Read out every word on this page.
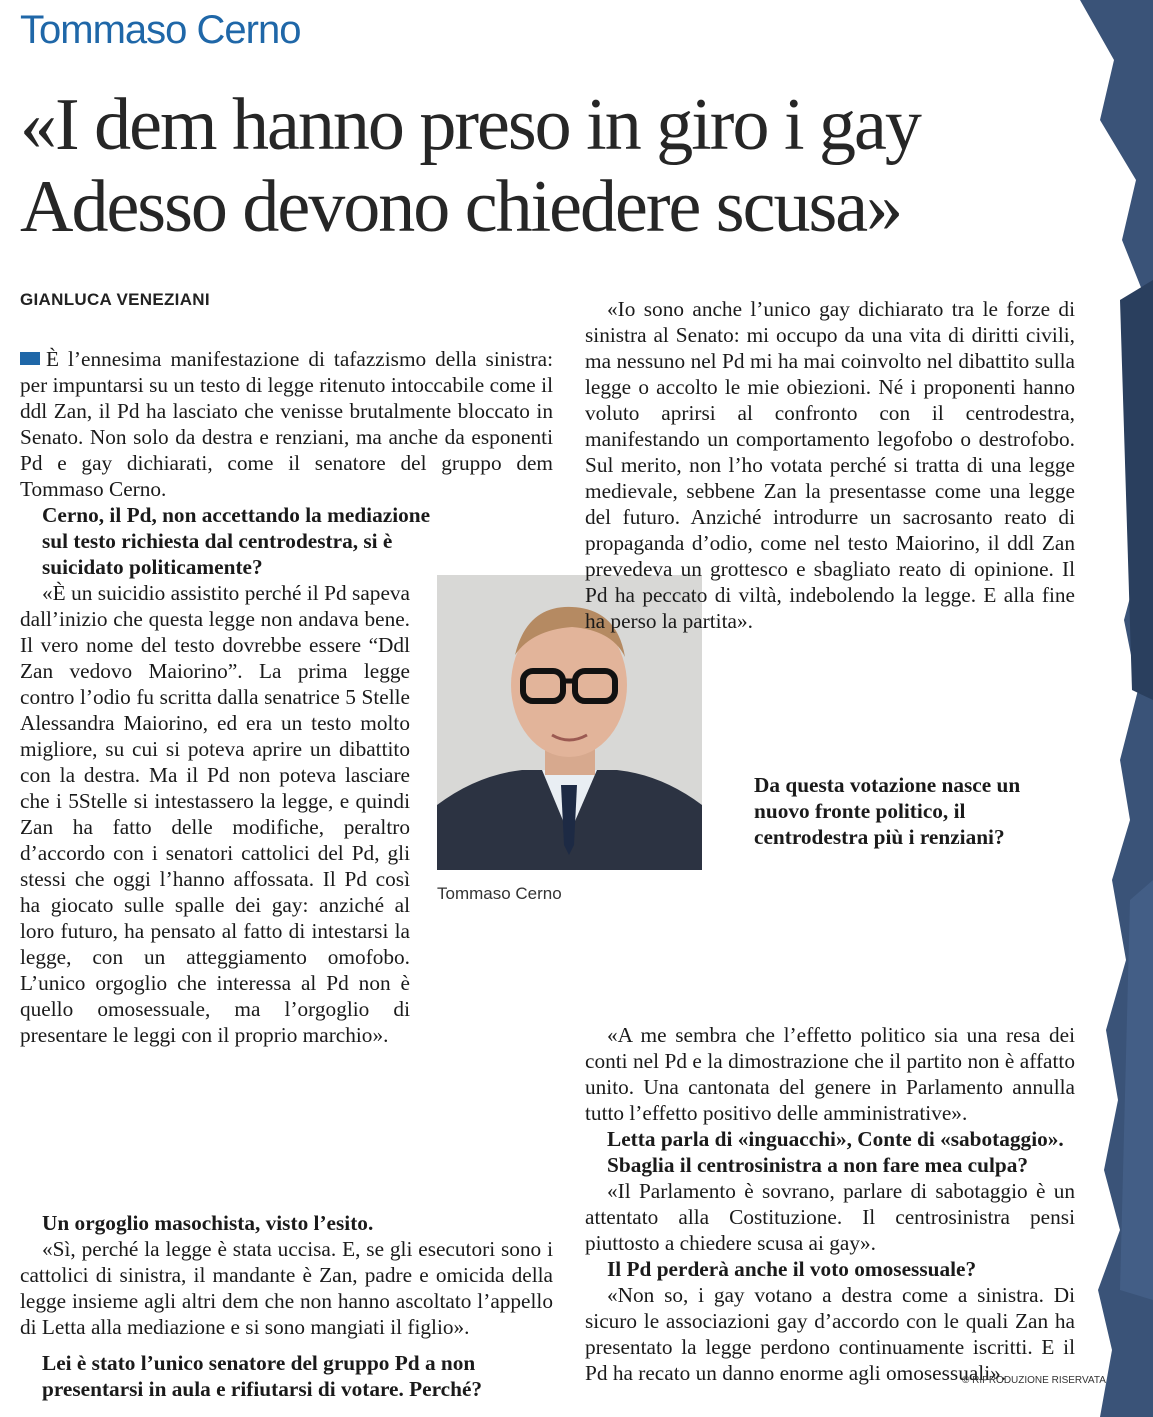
Tommaso Cerno
«I dem hanno preso in giro i gay
Adesso devono chiedere scusa»
GIANLUCA VENEZIANI

È l’ennesima manifestazione di tafazzismo della sinistra: per impuntarsi su un testo di legge ritenuto intoccabile come il ddl Zan, il Pd ha lasciato che venisse brutalmente bloccato in Senato. Non solo da destra e renziani, ma anche da esponenti Pd e gay dichiarati, come il senatore del gruppo dem Tommaso Cerno.

Cerno, il Pd, non accettando la mediazione sul testo richiesta dal centrodestra, si è suicidato politicamente?

«È un suicidio assistito perché il Pd sapeva dall’inizio che questa legge non andava bene. Il vero nome del testo dovrebbe essere “Ddl Zan vedovo Maiorino”. La prima legge contro l’odio fu scritta dalla senatrice 5 Stelle Alessandra Maiorino, ed era un testo molto migliore, su cui si poteva aprire un dibattito con la destra. Ma il Pd non poteva lasciare che i 5Stelle si intestassero la legge, e quindi Zan ha fatto delle modifiche, peraltro d’accordo con i senatori cattolici del Pd, gli stessi che oggi l’hanno affossata. Il Pd così ha giocato sulle spalle dei gay: anziché al loro futuro, ha pensato al fatto di intestarsi la legge, con un atteggiamento omofobo. L’unico orgoglio che interessa al Pd non è quello omosessuale, ma l’orgoglio di presentare le leggi con il proprio marchio».

Tommaso Cerno
Un orgoglio masochista, visto l’esito.

«Sì, perché la legge è stata uccisa. E, se gli esecutori sono i cattolici di sinistra, il mandante è Zan, padre e omicida della legge insieme agli altri dem che non hanno ascoltato l’appello di Letta alla mediazione e si sono mangiati il figlio».

Lei è stato l’unico senatore del gruppo Pd a non presentarsi in aula e rifiutarsi di votare. Perché?

«Io sono anche l’unico gay dichiarato tra le forze di sinistra al Senato: mi occupo da una vita di diritti civili, ma nessuno nel Pd mi ha mai coinvolto nel dibattito sulla legge o accolto le mie obiezioni. Né i proponenti hanno voluto aprirsi al confronto con il centrodestra, manifestando un comportamento legofobo o destrofobo. Sul merito, non l’ho votata perché si tratta di una legge medievale, sebbene Zan la presentasse come una legge del futuro. Anziché introdurre un sacrosanto reato di propaganda d’odio, come nel testo Maiorino, il ddl Zan prevedeva un grottesco e sbagliato reato di opinione. Il Pd ha peccato di viltà, indebolendo la legge. E alla fine ha perso la partita».

Da questa votazione nasce un nuovo fronte politico, il centrodestra più i renziani?

«A me sembra che l’effetto politico sia una resa dei conti nel Pd e la dimostrazione che il partito non è affatto unito. Una cantonata del genere in Parlamento annulla tutto l’effetto positivo delle amministrative».

Letta parla di «inguacchi», Conte di «sabotaggio». Sbaglia il centrosinistra a non fare mea culpa?

«Il Parlamento è sovrano, parlare di sabotaggio è un attentato alla Costituzione. Il centrosinistra pensi piuttosto a chiedere scusa ai gay».

Il Pd perderà anche il voto omosessuale?

«Non so, i gay votano a destra come a sinistra. Di sicuro le associazioni gay d’accordo con le quali Zan ha presentato la legge perdono continuamente iscritti. E il Pd ha recato un danno enorme agli omosessuali».

© RIPRODUZIONE RISERVATA
